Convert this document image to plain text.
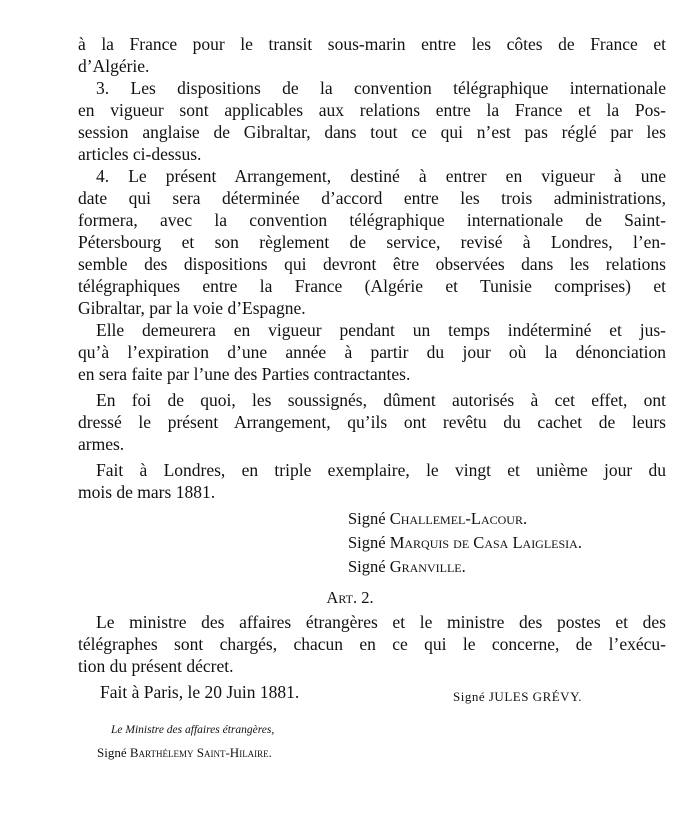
à la France pour le transit sous-marin entre les côtes de France et
d’Algérie.
3. Les dispositions de la convention télégraphique internationale
en vigueur sont applicables aux relations entre la France et la Pos-
session anglaise de Gibraltar, dans tout ce qui n’est pas réglé par les
articles ci-dessus.
4. Le présent Arrangement, destiné à entrer en vigueur à une
date qui sera déterminée d’accord entre les trois administrations,
formera, avec la convention télégraphique internationale de Saint-
Pétersbourg et son règlement de service, revisé à Londres, l’en-
semble des dispositions qui devront être observées dans les relations
télégraphiques entre la France (Algérie et Tunisie comprises) et
Gibraltar, par la voie d’Espagne.
Elle demeurera en vigueur pendant un temps indéterminé et jus-
qu’à l’expiration d’une année à partir du jour où la dénonciation
en sera faite par l’une des Parties contractantes.
En foi de quoi, les soussignés, dûment autorisés à cet effet, ont
dressé le présent Arrangement, qu’ils ont revêtu du cachet de leurs
armes.
Fait à Londres, en triple exemplaire, le vingt et unième jour du
mois de mars 1881.
Signé Challemel-Lacour.
Signé Marquis de Casa Laiglesia.
Signé Granville.
Art. 2.
Le ministre des affaires étrangères et le ministre des postes et des
télégraphes sont chargés, chacun en ce qui le concerne, de l’exécu-
tion du présent décret.
Fait à Paris, le 20 Juin 1881.	Signé JULES GRÉVY.
Le Ministre des affaires étrangères,
Signé Barthélemy Saint-Hilaire.
